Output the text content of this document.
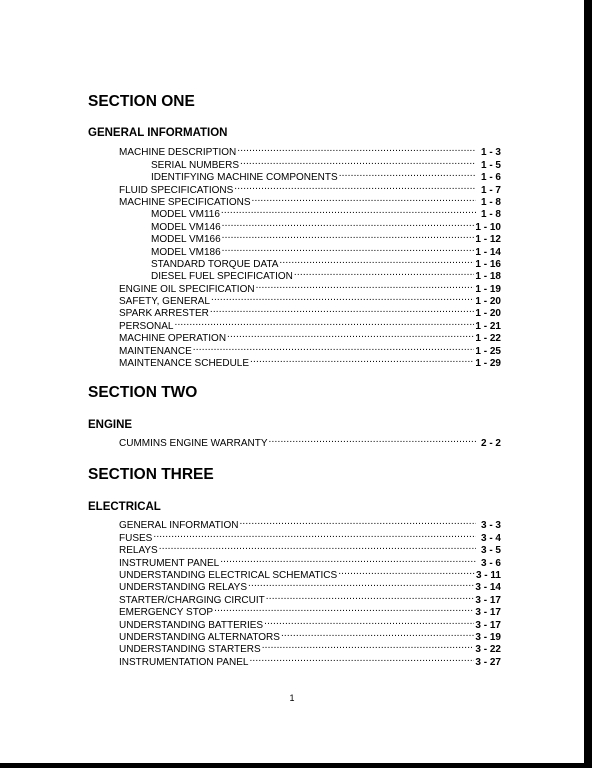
SECTION ONE
GENERAL INFORMATION
MACHINE DESCRIPTION .....	1 - 3
SERIAL NUMBERS .....	1 - 5
IDENTIFYING MACHINE COMPONENTS .....	1 - 6
FLUID SPECIFICATIONS .....	1 - 7
MACHINE SPECIFICATIONS .....	1 - 8
MODEL VM116 .....	1 - 8
MODEL VM146 .....	1 - 10
MODEL VM166 .....	1 - 12
MODEL VM186 .....	1 - 14
STANDARD TORQUE DATA .....	1 - 16
DIESEL FUEL SPECIFICATION .....	1 - 18
ENGINE OIL SPECIFICATION .....	1 - 19
SAFETY, GENERAL .....	1 - 20
SPARK ARRESTER .....	1 - 20
PERSONAL .....	1 - 21
MACHINE OPERATION .....	1 - 22
MAINTENANCE .....	1 - 25
MAINTENANCE SCHEDULE .....	1 - 29
SECTION TWO
ENGINE
CUMMINS ENGINE WARRANTY .....	2 - 2
SECTION THREE
ELECTRICAL
GENERAL INFORMATION .....	3 - 3
FUSES .....	3 - 4
RELAYS .....	3 - 5
INSTRUMENT PANEL .....	3 - 6
UNDERSTANDING ELECTRICAL SCHEMATICS .....	3 - 11
UNDERSTANDING RELAYS .....	3 - 14
STARTER/CHARGING CIRCUIT .....	3 - 17
EMERGENCY STOP .....	3 - 17
UNDERSTANDING BATTERIES .....	3 - 17
UNDERSTANDING ALTERNATORS .....	3 - 19
UNDERSTANDING STARTERS .....	3 - 22
INSTRUMENTATION PANEL .....	3 - 27
1
